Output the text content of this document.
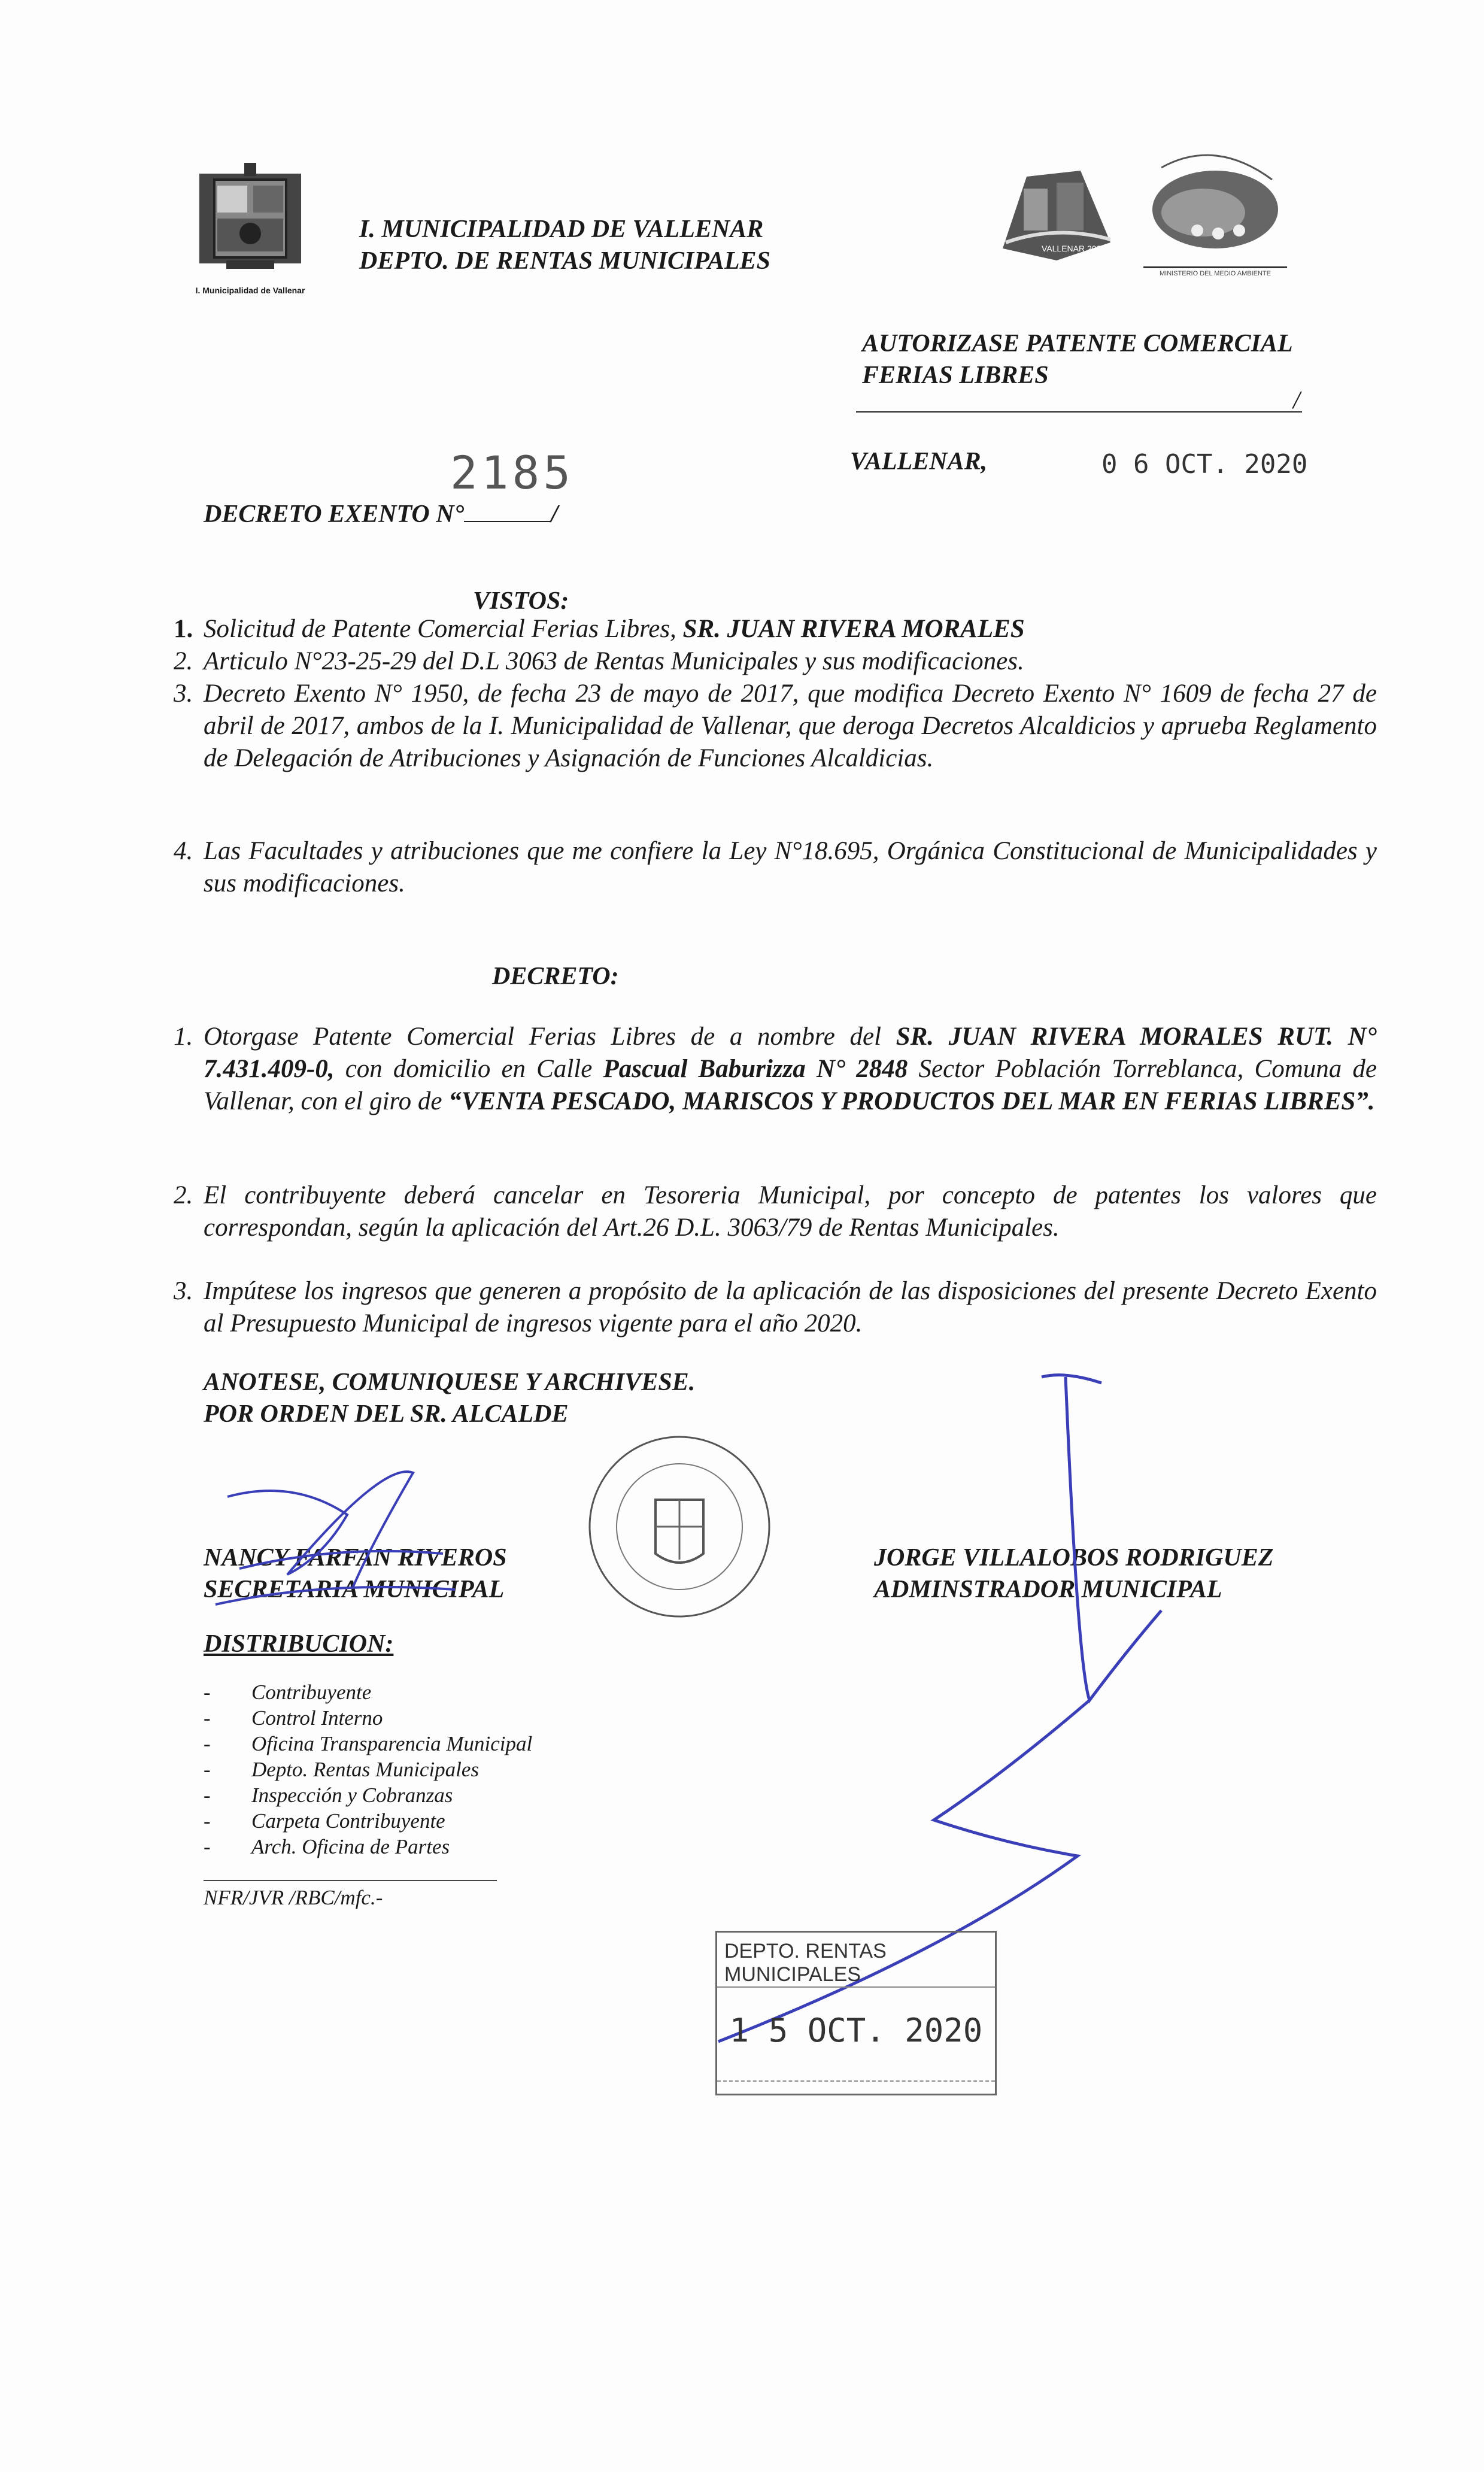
I. Municipalidad de Vallenar
I. MUNICIPALIDAD DE VALLENAR
DEPTO. DE RENTAS MUNICIPALES	VALLENAR 2020
MINISTERIO DEL MEDIO AMBIENTE
AUTORIZASE PATENTE COMERCIAL
FERIAS LIBRES
/
2185
DECRETO EXENTO N°	/
VALLENAR,	0 6 OCT. 2020
VISTOS:
1. Solicitud de Patente Comercial Ferias Libres, SR. JUAN RIVERA MORALES
2. Articulo N°23-25-29 del D.L 3063 de Rentas Municipales y sus modificaciones.
3. Decreto Exento N° 1950, de fecha 23 de mayo de 2017, que modifica Decreto Exento N° 1609 de fecha 27 de abril de 2017, ambos de la I. Municipalidad de Vallenar, que deroga Decretos Alcaldicios y aprueba Reglamento de Delegación de Atribuciones y Asignación de Funciones Alcaldicias.
4. Las Facultades y atribuciones que me confiere la Ley N°18.695, Orgánica Constitucional de Municipalidades y sus modificaciones.
DECRETO:
1. Otorgase Patente Comercial Ferias Libres de a nombre del SR. JUAN RIVERA MORALES RUT. N° 7.431.409-0, con domicilio en Calle Pascual Baburizza N° 2848 Sector Población Torreblanca, Comuna de Vallenar, con el giro de “VENTA PESCADO, MARISCOS Y PRODUCTOS DEL MAR EN FERIAS LIBRES”.
2. El contribuyente deberá cancelar en Tesoreria Municipal, por concepto de patentes los valores que correspondan, según la aplicación del Art.26 D.L. 3063/79 de Rentas Municipales.
3. Impútese los ingresos que generen a propósito de la aplicación de las disposiciones del presente Decreto Exento al Presupuesto Municipal de ingresos vigente para el año 2020.
ANOTESE, COMUNIQUESE Y ARCHIVESE.
POR ORDEN DEL SR. ALCALDE
NANCY FARFAN RIVEROS
SECRETARIA MUNICIPAL
JORGE VILLALOBOS RODRIGUEZ
ADMINSTRADOR MUNICIPAL
DISTRIBUCION:
- Contribuyente
- Control Interno
- Oficina Transparencia Municipal
- Depto. Rentas Municipales
- Inspección y Cobranzas
- Carpeta Contribuyente
- Arch. Oficina de Partes
NFR/JVR /RBC/mfc.-
DEPTO. RENTAS MUNICIPALES
1 5 OCT. 2020
